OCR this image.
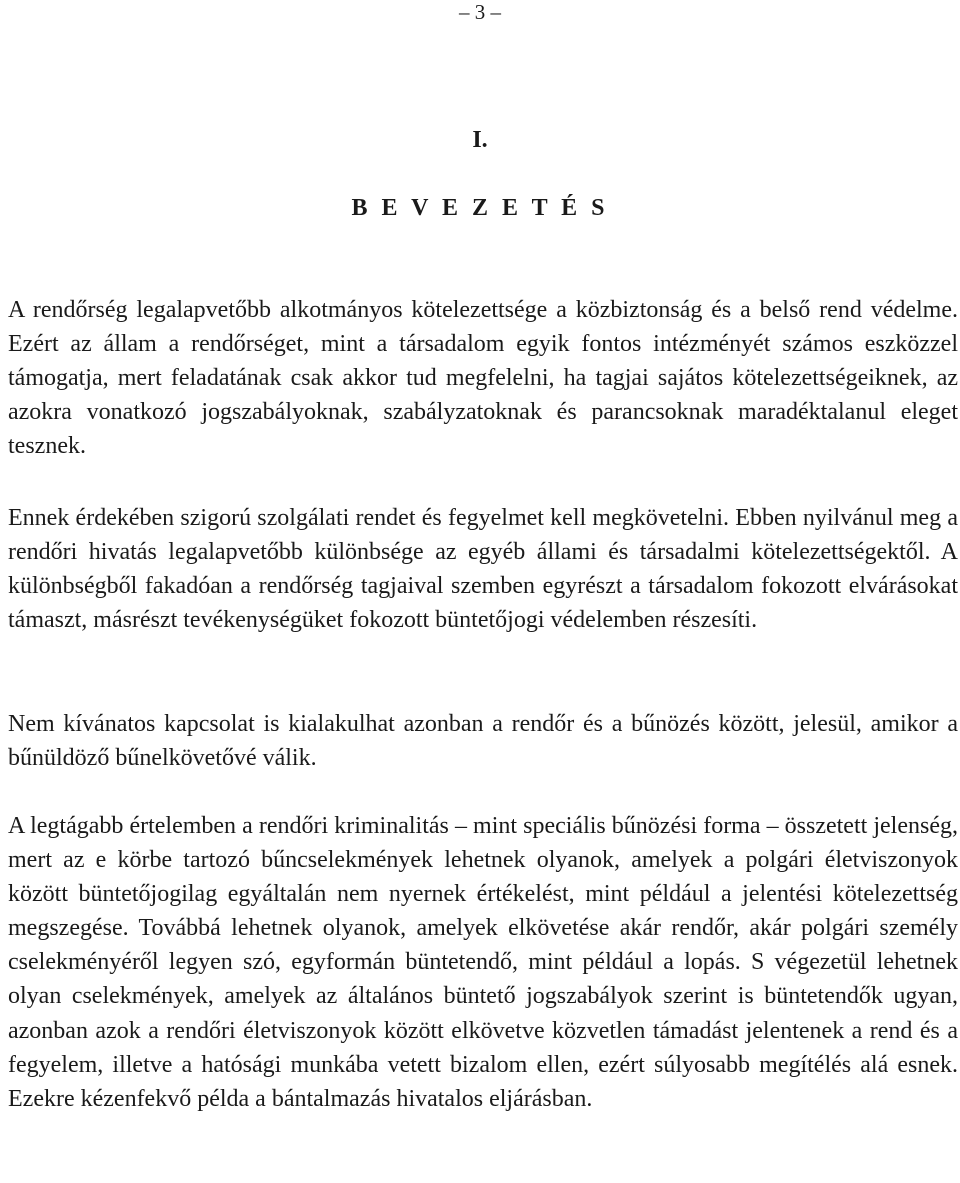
– 3 –
I.
B E V E Z E T É S

A rendőrség legalapvetőbb alkotmányos kötelezettsége a közbiztonság és a belső rend védelme. Ezért az állam a rendőrséget, mint a társadalom egyik fontos intézményét számos eszközzel támogatja, mert feladatának csak akkor tud megfelelni, ha tagjai sajátos kötelezettségeiknek, az azokra vonatkozó jogszabályoknak, szabályzatoknak és parancsoknak maradéktalanul eleget tesznek.

Ennek érdekében szigorú szolgálati rendet és fegyelmet kell megkövetelni. Ebben nyilvánul meg a rendőri hivatás legalapvetőbb különbsége az egyéb állami és társadalmi kötelezettségektől. A különbségből fakadóan a rendőrség tagjaival szemben egyrészt a társadalom fokozott elvárásokat támaszt, másrészt tevékenységüket fokozott büntetőjogi védelemben részesíti.

Nem kívánatos kapcsolat is kialakulhat azonban a rendőr és a bűnözés között, jelesül, amikor a bűnüldöző bűnelkövetővé válik.

A legtágabb értelemben a rendőri kriminalitás – mint speciális bűnözési forma – összetett jelenség, mert az e körbe tartozó bűncselekmények lehetnek olyanok, amelyek a polgári életviszonyok között büntetőjogilag egyáltalán nem nyernek értékelést, mint például a jelentési kötelezettség megszegése. Továbbá lehetnek olyanok, amelyek elkövetése akár rendőr, akár polgári személy cselekményéről legyen szó, egyformán büntetendő, mint például a lopás. S végezetül lehetnek olyan cselekmények, amelyek az általános büntető jogszabályok szerint is büntetendők ugyan, azonban azok a rendőri életviszonyok között elkövetve közvetlen támadást jelentenek a rend és a fegyelem, illetve a hatósági munkába vetett bizalom ellen, ezért súlyosabb megítélés alá esnek. Ezekre kézenfekvő példa a bántalmazás hivatalos eljárásban.
